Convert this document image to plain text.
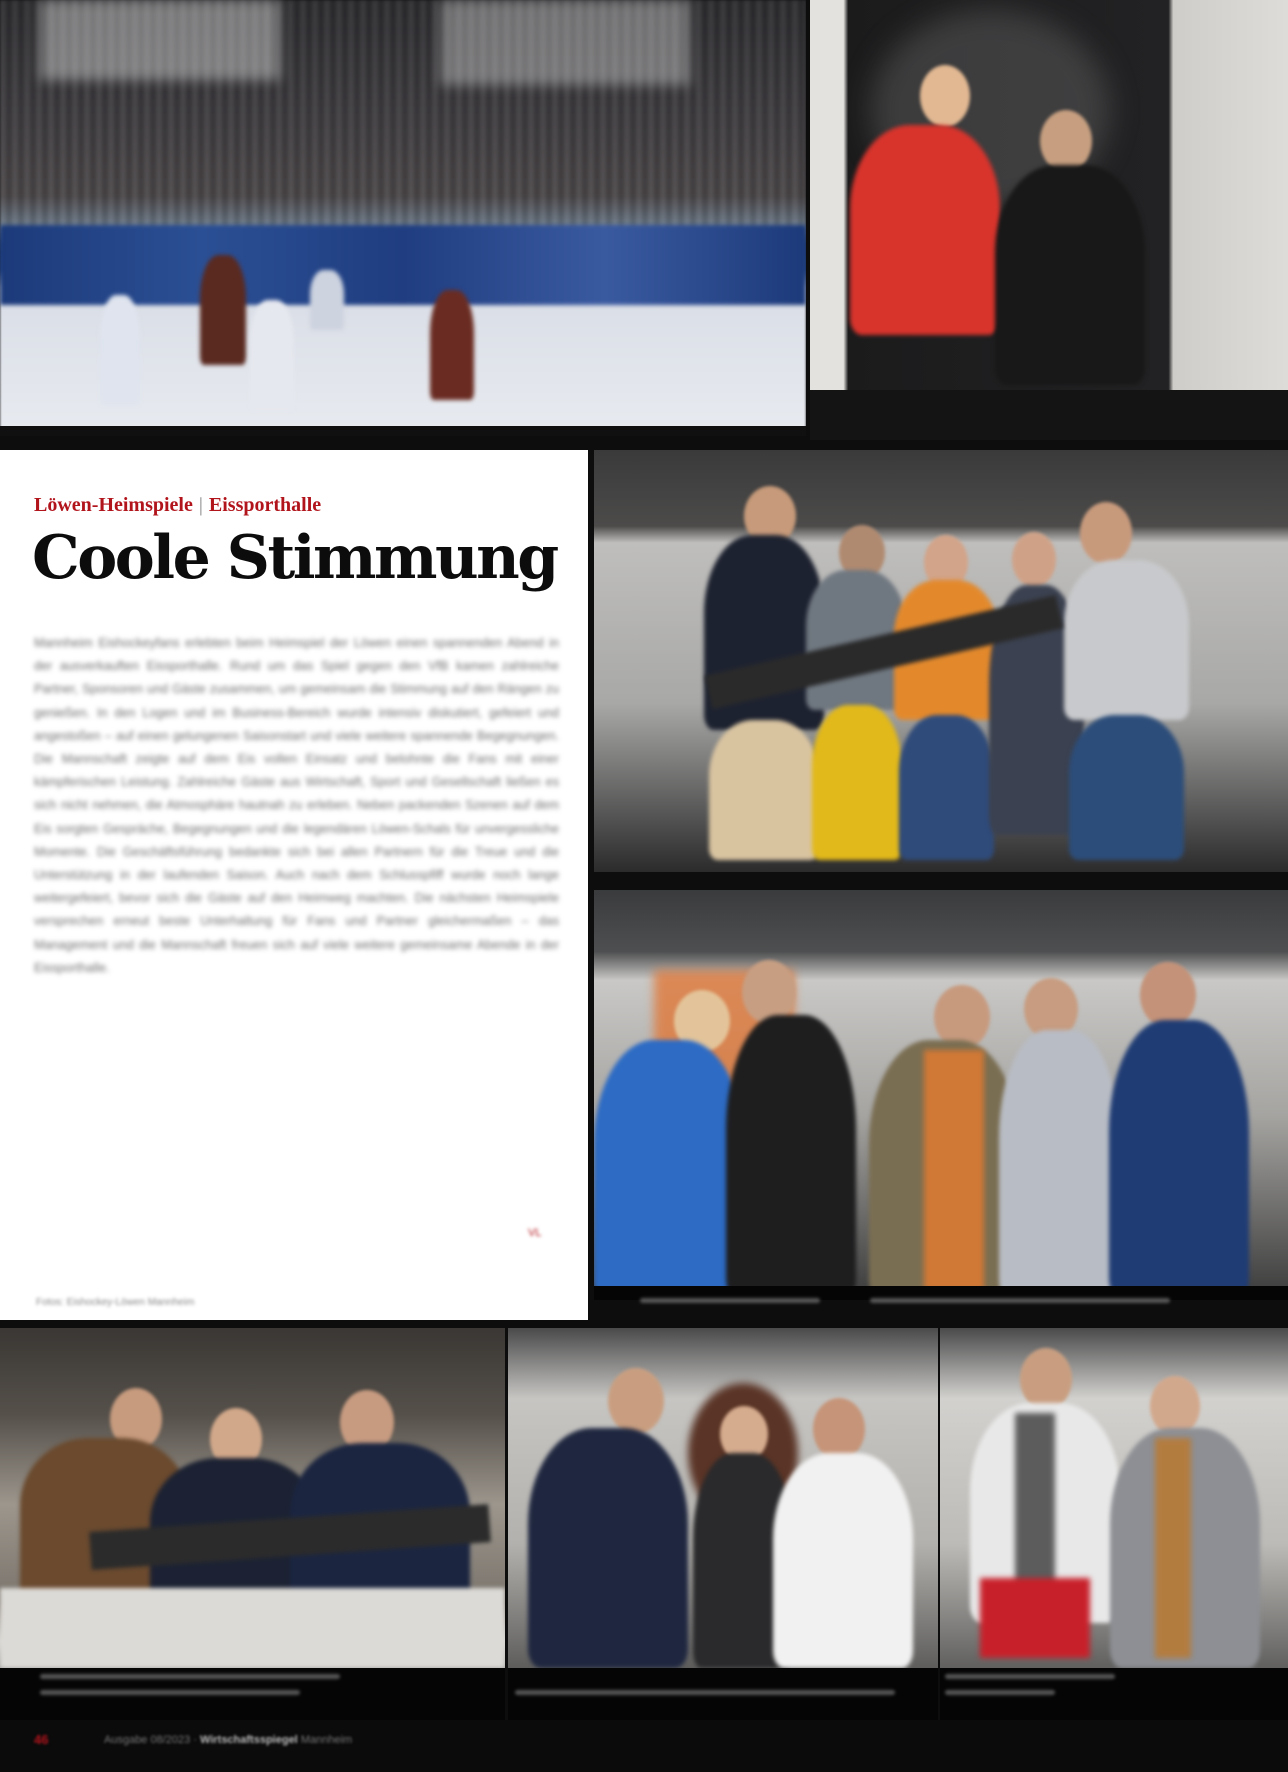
Löwen-Heimspiele | Eissporthalle
Coole Stimmung
Mannheim Eishockeyfans erlebten beim Heimspiel der Löwen einen spannenden Abend in der ausverkauften Eissporthalle. Rund um das Spiel gegen den VfB kamen zahlreiche Partner, Sponsoren und Gäste zusammen, um gemeinsam die Stimmung auf den Rängen zu genießen. In den Logen und im Business-Bereich wurde intensiv diskutiert, gefeiert und angestoßen – auf einen gelungenen Saisonstart und viele weitere spannende Begegnungen. Die Mannschaft zeigte auf dem Eis vollen Einsatz und belohnte die Fans mit einer kämpferischen Leistung. Zahlreiche Gäste aus Wirtschaft, Sport und Gesellschaft ließen es sich nicht nehmen, die Atmosphäre hautnah zu erleben. Neben packenden Szenen auf dem Eis sorgten Gespräche, Begegnungen und die legendären Löwen-Schals für unvergessliche Momente. Die Geschäftsführung bedankte sich bei allen Partnern für die Treue und die Unterstützung in der laufenden Saison. Auch nach dem Schlusspfiff wurde noch lange weitergefeiert, bevor sich die Gäste auf den Heimweg machten. Die nächsten Heimspiele versprechen erneut beste Unterhaltung für Fans und Partner gleichermaßen – das Management und die Mannschaft freuen sich auf viele weitere gemeinsame Abende in der Eissporthalle.
VL
Fotos: Eishockey-Löwen Mannheim
46	Ausgabe 08/2023 · Wirtschaftsspiegel Mannheim
